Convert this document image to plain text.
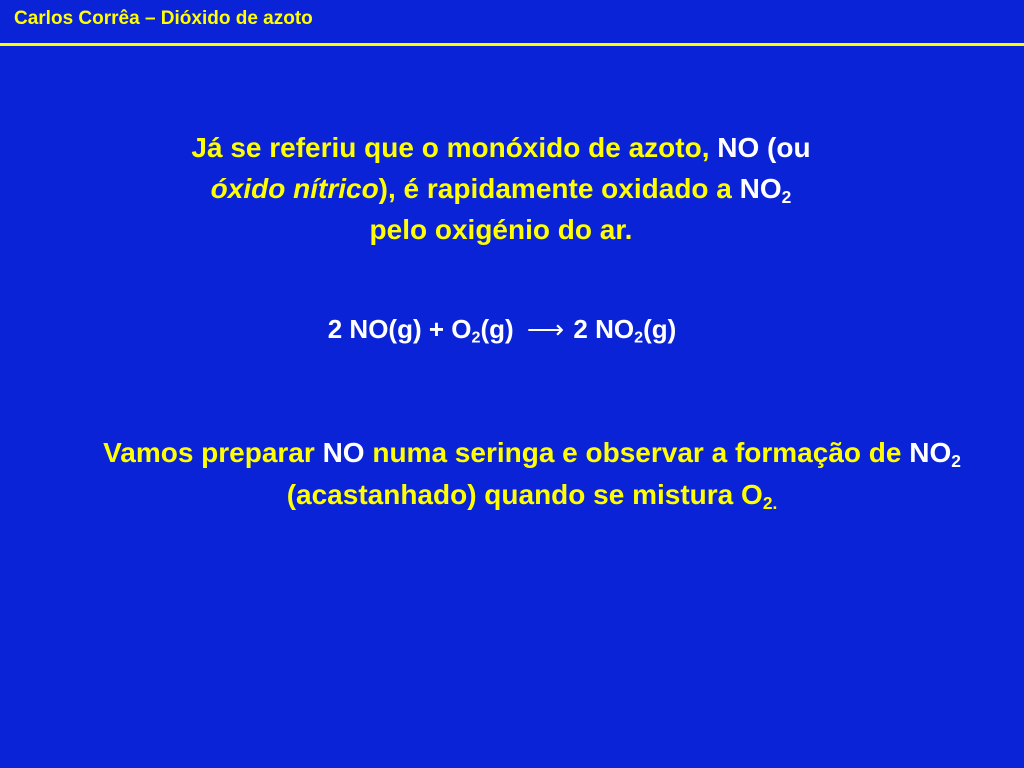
Carlos Corrêa – Dióxido de azoto
Já se referiu que o monóxido de azoto, NO (ou
óxido nítrico), é rapidamente oxidado a $NO_2$
pelo oxigénio do ar.
2 $NO(g) + O_2(g)$ ⟶ 2 $NO_2(g)$
Vamos preparar NO numa seringa e observar a formação de $NO_2$ (acastanhado) quando se mistura $O_{2.}$
